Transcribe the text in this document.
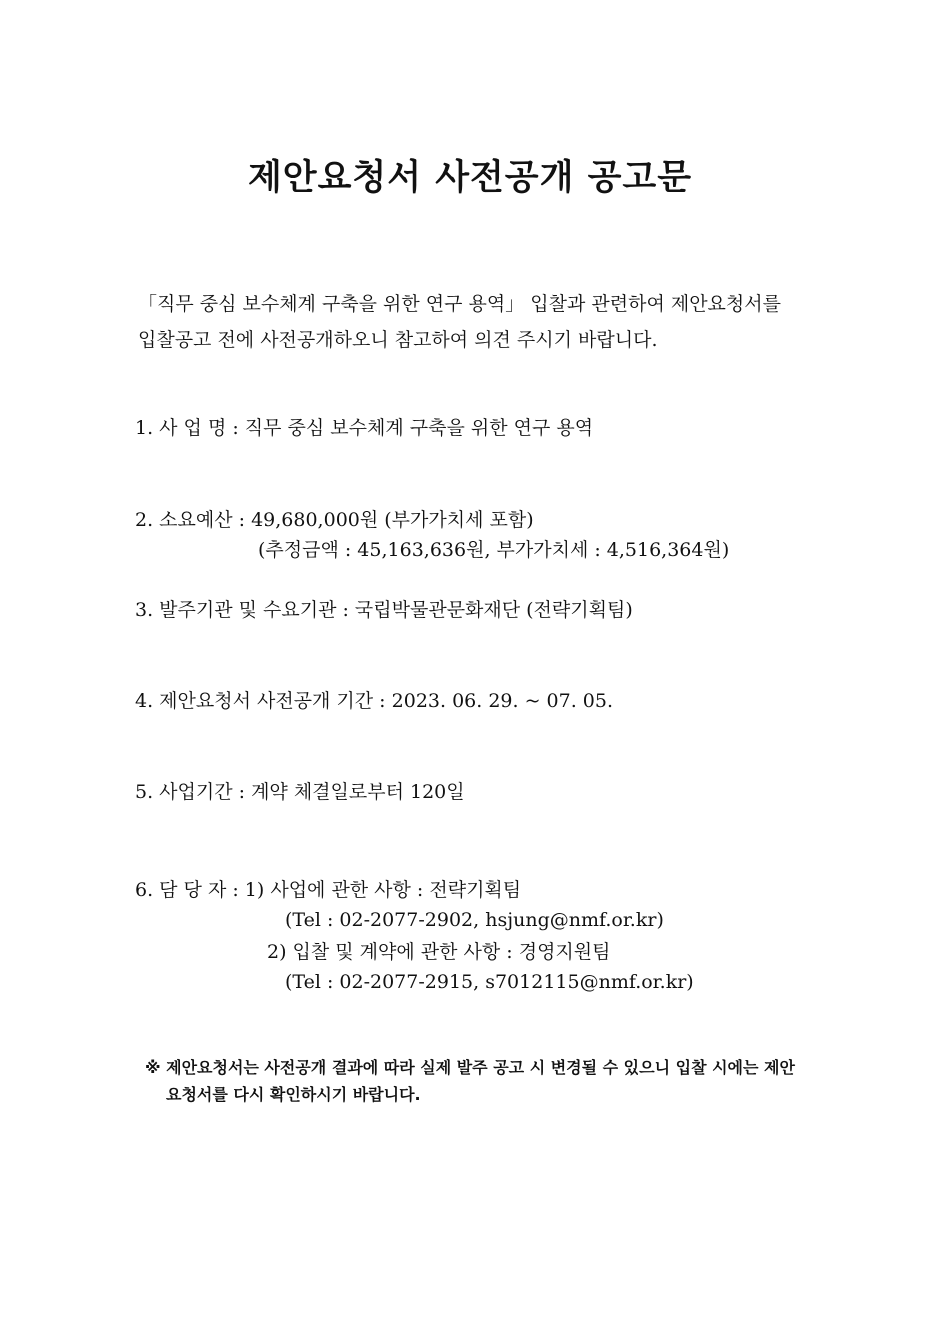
제안요청서 사전공개 공고문
「직무 중심 보수체계 구축을 위한 연구 용역」 입찰과 관련하여 제안요청서를
입찰공고 전에 사전공개하오니 참고하여 의견 주시기 바랍니다.
1. 사 업 명 : 직무 중심 보수체계 구축을 위한 연구 용역
2. 소요예산 : 49,680,000원 (부가가치세 포함)
(추정금액 : 45,163,636원, 부가가치세 : 4,516,364원)
3. 발주기관 및 수요기관 : 국립박물관문화재단 (전략기획팀)
4. 제안요청서 사전공개 기간 : 2023. 06. 29. ~ 07. 05.
5. 사업기간 : 계약 체결일로부터 120일
6. 담 당 자 : 1) 사업에 관한 사항 : 전략기획팀
(Tel : 02-2077-2902, hsjung@nmf.or.kr)
2) 입찰 및 계약에 관한 사항 : 경영지원팀
(Tel : 02-2077-2915, s7012115@nmf.or.kr)
※ 제안요청서는 사전공개 결과에 따라 실제 발주 공고 시 변경될 수 있으니 입찰 시에는 제안
요청서를 다시 확인하시기 바랍니다.
